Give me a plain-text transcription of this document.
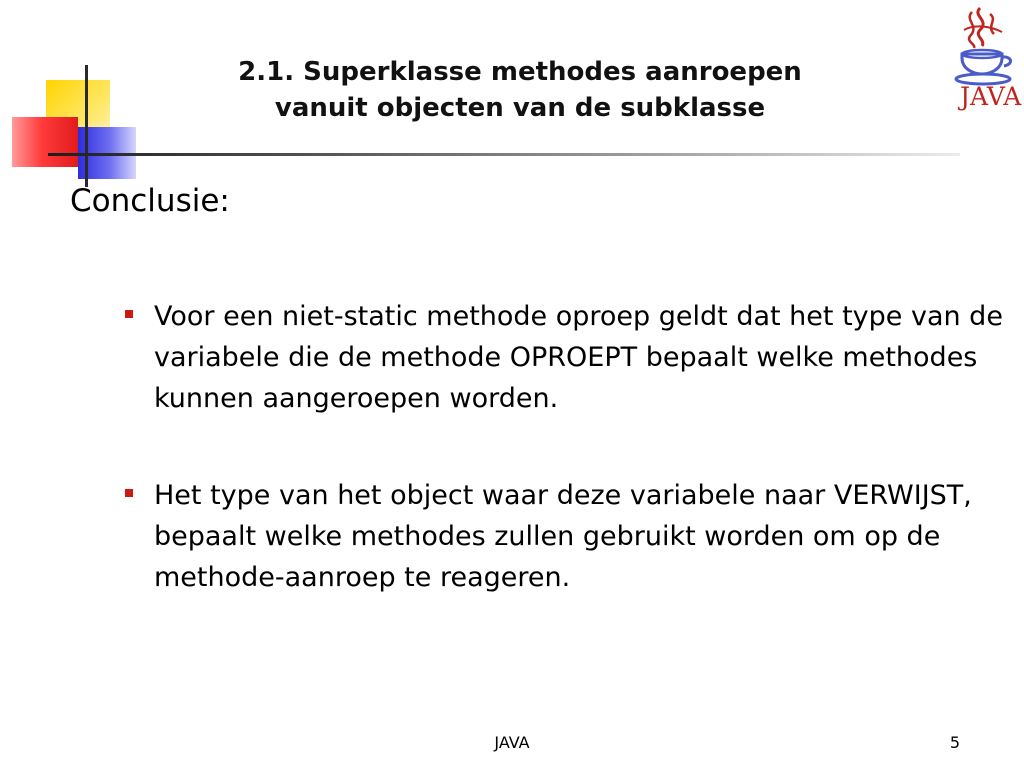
2.1. Superklasse methodes aanroepen
vanuit objecten van de subklasse	JAVA
Conclusie:
Voor een niet-static methode oproep geldt dat het type van de variabele die de methode OPROEPT bepaalt welke methodes kunnen aangeroepen worden.
Het type van het object waar deze variabele naar VERWIJST, bepaalt welke methodes zullen gebruikt worden om op de methode-aanroep te reageren.
JAVA	5
